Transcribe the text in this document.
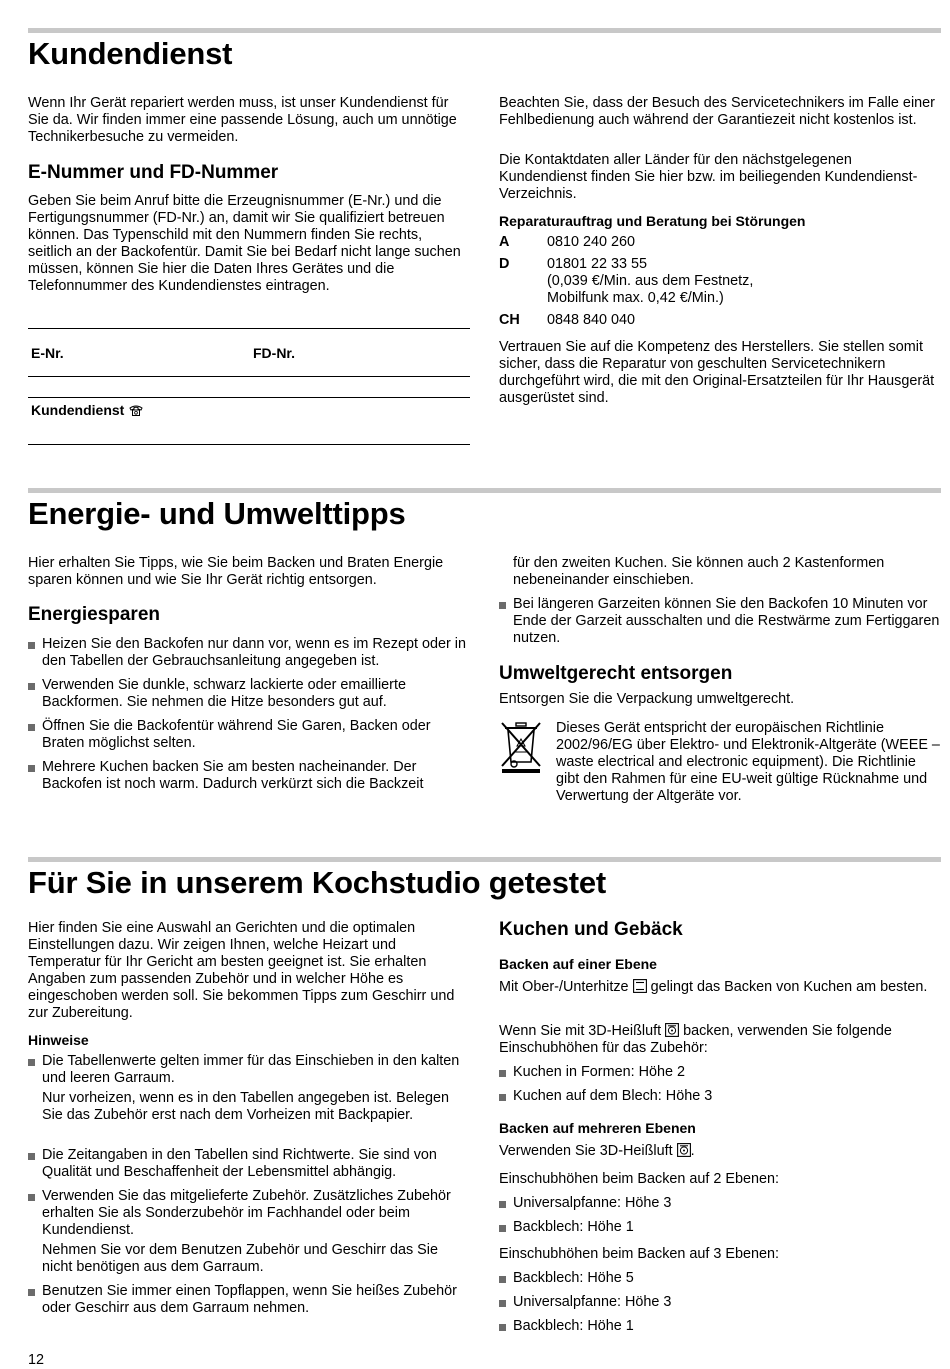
Kundendienst

Wenn Ihr Gerät repariert werden muss, ist unser Kundendienst für Sie da. Wir finden immer eine passende Lösung, auch um unnötige Technikerbesuche zu vermeiden.

E-Nummer und FD-Nummer

Geben Sie beim Anruf bitte die Erzeugnisnummer (E-Nr.) und die Fertigungsnummer (FD-Nr.) an, damit wir Sie qualifiziert betreuen können. Das Typenschild mit den Nummern finden Sie rechts, seitlich an der Backofentür. Damit Sie bei Bedarf nicht lange suchen müssen, können Sie hier die Daten Ihres Gerätes und die Telefonnummer des Kundendienstes eintragen.

E-Nr.	FD-Nr.
Kundendienst

Beachten Sie, dass der Besuch des Servicetechnikers im Falle einer Fehlbedienung auch während der Garantiezeit nicht kostenlos ist.

Die Kontaktdaten aller Länder für den nächstgelegenen Kundendienst finden Sie hier bzw. im beiliegenden Kundendienst-Verzeichnis.

Reparaturauftrag und Beratung bei Störungen
A	0810 240 260
D	01801 22 33 55
(0,039 €/Min. aus dem Festnetz,
Mobilfunk max. 0,42 €/Min.)
CH 0848 840 040

Vertrauen Sie auf die Kompetenz des Herstellers. Sie stellen somit sicher, dass die Reparatur von geschulten Servicetechnikern durchgeführt wird, die mit den Original-Ersatzteilen für Ihr Hausgerät ausgerüstet sind.

Energie- und Umwelttipps

Hier erhalten Sie Tipps, wie Sie beim Backen und Braten Energie sparen können und wie Sie Ihr Gerät richtig entsorgen.

Energiesparen

Heizen Sie den Backofen nur dann vor, wenn es im Rezept oder in den Tabellen der Gebrauchsanleitung angegeben ist.

Verwenden Sie dunkle, schwarz lackierte oder emaillierte Backformen. Sie nehmen die Hitze besonders gut auf.

Öffnen Sie die Backofentür während Sie Garen, Backen oder Braten möglichst selten.

Mehrere Kuchen backen Sie am besten nacheinander. Der Backofen ist noch warm. Dadurch verkürzt sich die Backzeit

für den zweiten Kuchen. Sie können auch 2 Kastenformen nebeneinander einschieben.

Bei längeren Garzeiten können Sie den Backofen 10 Minuten vor Ende der Garzeit ausschalten und die Restwärme zum Fertiggaren nutzen.

Umweltgerecht entsorgen

Entsorgen Sie die Verpackung umweltgerecht.

Dieses Gerät entspricht der europäischen Richtlinie 2002/96/EG über Elektro- und Elektronik-Altgeräte (WEEE – waste electrical and electronic equipment). Die Richtlinie gibt den Rahmen für eine EU-weit gültige Rücknahme und Verwertung der Altgeräte vor.

Für Sie in unserem Kochstudio getestet

Hier finden Sie eine Auswahl an Gerichten und die optimalen Einstellungen dazu. Wir zeigen Ihnen, welche Heizart und Temperatur für Ihr Gericht am besten geeignet ist. Sie erhalten Angaben zum passenden Zubehör und in welcher Höhe es eingeschoben werden soll. Sie bekommen Tipps zum Geschirr und zur Zubereitung.

Hinweise

Die Tabellenwerte gelten immer für das Einschieben in den kalten und leeren Garraum.

Nur vorheizen, wenn es in den Tabellen angegeben ist. Belegen Sie das Zubehör erst nach dem Vorheizen mit Backpapier.

Die Zeitangaben in den Tabellen sind Richtwerte. Sie sind von Qualität und Beschaffenheit der Lebensmittel abhängig.

Verwenden Sie das mitgelieferte Zubehör. Zusätzliches Zubehör erhalten Sie als Sonderzubehör im Fachhandel oder beim Kundendienst.

Nehmen Sie vor dem Benutzen Zubehör und Geschirr das Sie nicht benötigen aus dem Garraum.

Benutzen Sie immer einen Topflappen, wenn Sie heißes Zubehör oder Geschirr aus dem Garraum nehmen.

Kuchen und Gebäck
Backen auf einer Ebene

Mit Ober-/Unterhitze gelingt das Backen von Kuchen am besten.

Wenn Sie mit 3D-Heißluft backen, verwenden Sie folgende Einschubhöhen für das Zubehör:

Kuchen in Formen: Höhe 2

Kuchen auf dem Blech: Höhe 3

Backen auf mehreren Ebenen

Verwenden Sie 3D-Heißluft .

Einschubhöhen beim Backen auf 2 Ebenen:

Universalpfanne: Höhe 3

Backblech: Höhe 1

Einschubhöhen beim Backen auf 3 Ebenen:

Backblech: Höhe 5

Universalpfanne: Höhe 3

Backblech: Höhe 1

12
